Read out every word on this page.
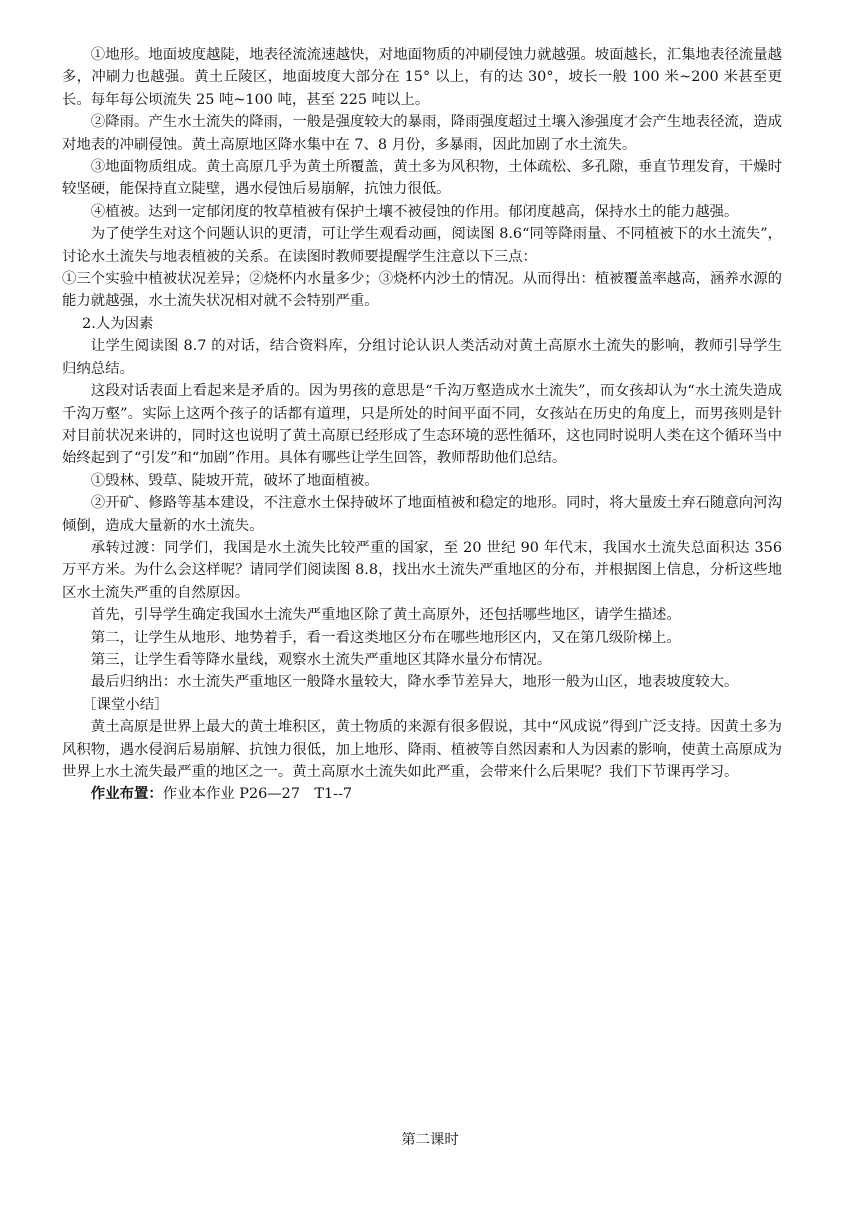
①地形。地面坡度越陡，地表径流流速越快，对地面物质的冲刷侵蚀力就越强。坡面越长，汇集地表径流量越多，冲刷力也越强。黄土丘陵区，地面坡度大部分在 15° 以上，有的达 30°，坡长一般 100 米~200 米甚至更长。每年每公顷流失 25 吨~100 吨，甚至 225 吨以上。

②降雨。产生水土流失的降雨，一般是强度较大的暴雨，降雨强度超过土壤入渗强度才会产生地表径流，造成对地表的冲刷侵蚀。黄土高原地区降水集中在 7、8 月份，多暴雨，因此加剧了水土流失。

③地面物质组成。黄土高原几乎为黄土所覆盖，黄土多为风积物，土体疏松、多孔隙，垂直节理发育，干燥时较坚硬，能保持直立陡壁，遇水侵蚀后易崩解，抗蚀力很低。

④植被。达到一定郁闭度的牧草植被有保护土壤不被侵蚀的作用。郁闭度越高，保持水土的能力越强。

为了使学生对这个问题认识的更清，可让学生观看动画，阅读图 8.6“同等降雨量、不同植被下的水土流失”，讨论水土流失与地表植被的关系。在读图时教师要提醒学生注意以下三点：

①三个实验中植被状况差异；②烧杯内水量多少；③烧杯内沙土的情况。从而得出：植被覆盖率越高，涵养水源的能力就越强，水土流失状况相对就不会特别严重。

2.人为因素

让学生阅读图 8.7 的对话，结合资料库，分组讨论认识人类活动对黄土高原水土流失的影响，教师引导学生归纳总结。

这段对话表面上看起来是矛盾的。因为男孩的意思是“千沟万壑造成水土流失”，而女孩却认为“水土流失造成千沟万壑”。实际上这两个孩子的话都有道理，只是所处的时间平面不同，女孩站在历史的角度上，而男孩则是针对目前状况来讲的，同时这也说明了黄土高原已经形成了生态环境的恶性循环，这也同时说明人类在这个循环当中始终起到了“引发”和“加剧”作用。具体有哪些让学生回答，教师帮助他们总结。

①毁林、毁草、陡坡开荒，破坏了地面植被。

②开矿、修路等基本建设，不注意水土保持破坏了地面植被和稳定的地形。同时，将大量废土弃石随意向河沟倾倒，造成大量新的水土流失。

承转过渡：同学们，我国是水土流失比较严重的国家，至 20 世纪 90 年代末，我国水土流失总面积达 356 万平方米。为什么会这样呢？请同学们阅读图 8.8，找出水土流失严重地区的分布，并根据图上信息，分析这些地区水土流失严重的自然原因。

首先，引导学生确定我国水土流失严重地区除了黄土高原外，还包括哪些地区，请学生描述。

第二，让学生从地形、地势着手，看一看这类地区分布在哪些地形区内，又在第几级阶梯上。

第三，让学生看等降水量线，观察水土流失严重地区其降水量分布情况。

最后归纳出：水土流失严重地区一般降水量较大，降水季节差异大，地形一般为山区，地表坡度较大。

［课堂小结］

黄土高原是世界上最大的黄土堆积区，黄土物质的来源有很多假说，其中“风成说”得到广泛支持。因黄土多为风积物，遇水侵润后易崩解、抗蚀力很低，加上地形、降雨、植被等自然因素和人为因素的影响，使黄土高原成为世界上水土流失最严重的地区之一。黄土高原水土流失如此严重，会带来什么后果呢？我们下节课再学习。

作业布置：作业本作业 P26—27　T1--7

第二课时
